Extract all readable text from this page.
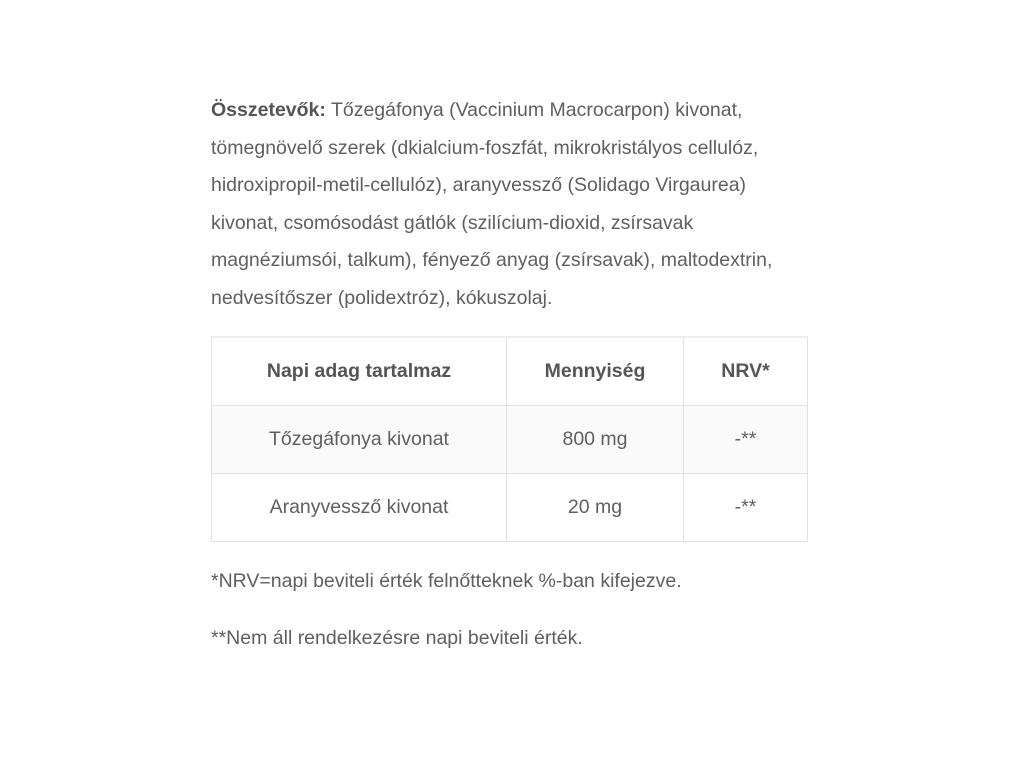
Összetevők: Tőzegáfonya (Vaccinium Macrocarpon) kivonat, tömegnövelő szerek (dkialcium-foszfát, mikrokristályos cellulóz, hidroxipropil-metil-cellulóz), aranyvessző (Solidago Virgaurea) kivonat, csomósodást gátlók (szilícium-dioxid, zsírsavak magnéziumsói, talkum), fényező anyag (zsírsavak), maltodextrin, nedvesítőszer (polidextróz), kókuszolaj.

Napi adag tartalmaz	Mennyiség	NRV*
Tőzegáfonya kivonat	800 mg	-**
Aranyvessző kivonat	20 mg	-**

*NRV=napi beviteli érték felnőtteknek %-ban kifejezve.

**Nem áll rendelkezésre napi beviteli érték.
